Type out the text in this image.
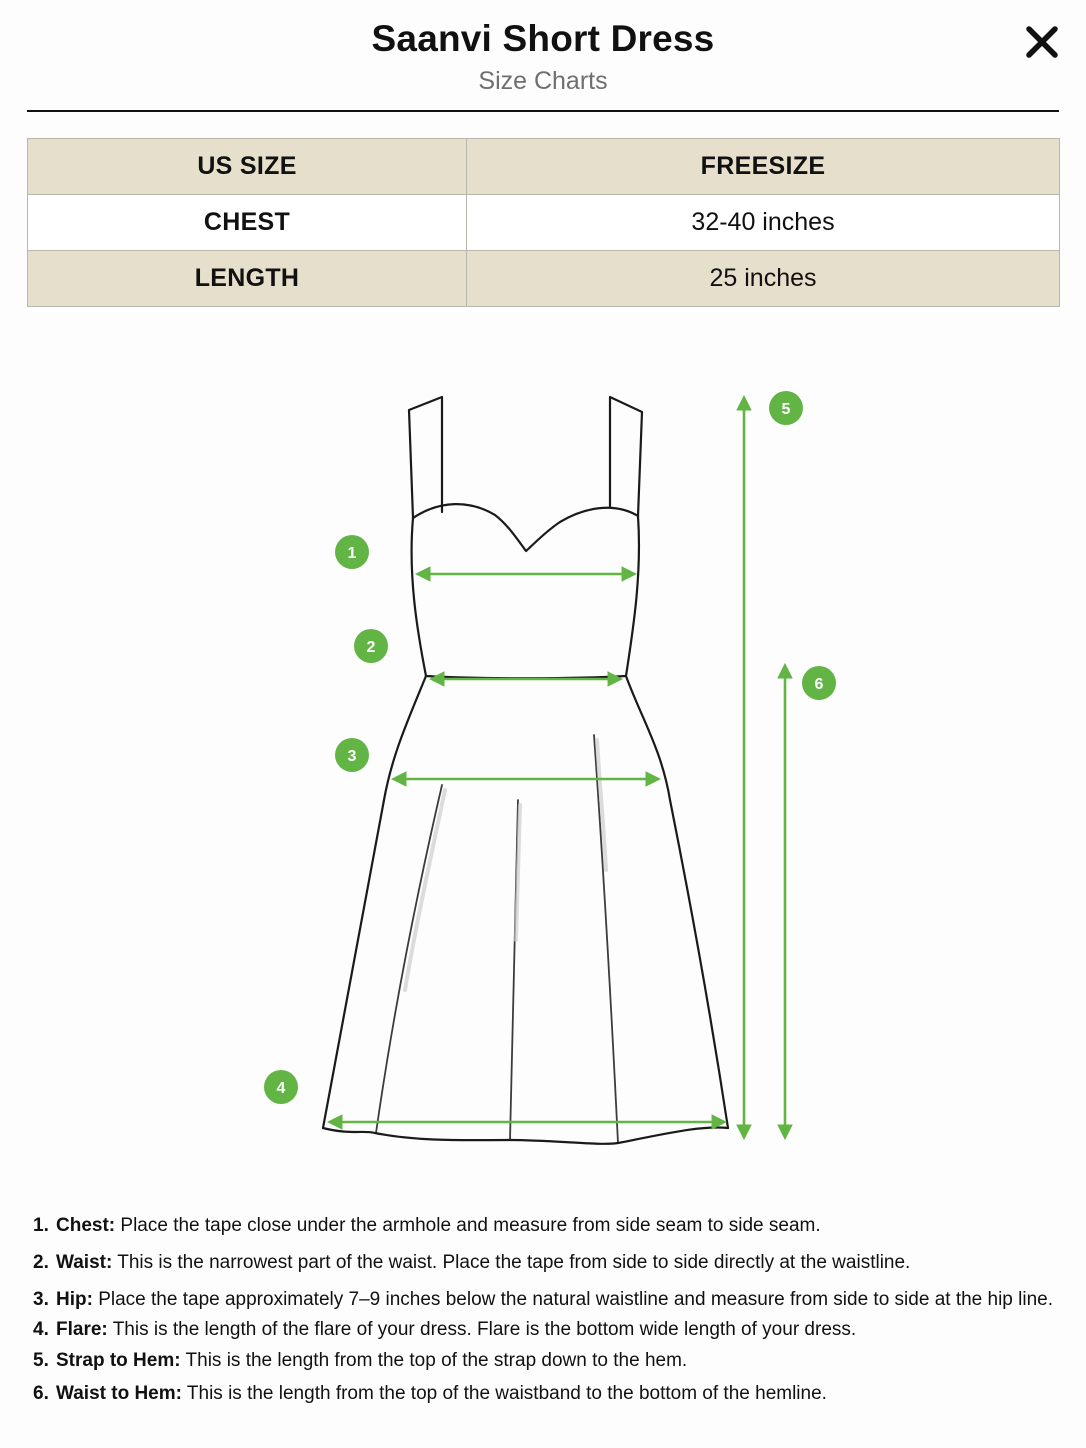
Saanvi Short Dress
Size Charts
US SIZE	FREESIZE
CHEST	32-40 inches
LENGTH	25 inches
1
2
3
4
5
6
1. Chest: Place the tape close under the armhole and measure from side seam to side seam.
2. Waist: This is the narrowest part of the waist. Place the tape from side to side directly at the waistline.
3. Hip: Place the tape approximately 7–9 inches below the natural waistline and measure from side to side at the hip line.
4. Flare: This is the length of the flare of your dress. Flare is the bottom wide length of your dress.
5. Strap to Hem: This is the length from the top of the strap down to the hem.
6. Waist to Hem: This is the length from the top of the waistband to the bottom of the hemline.
